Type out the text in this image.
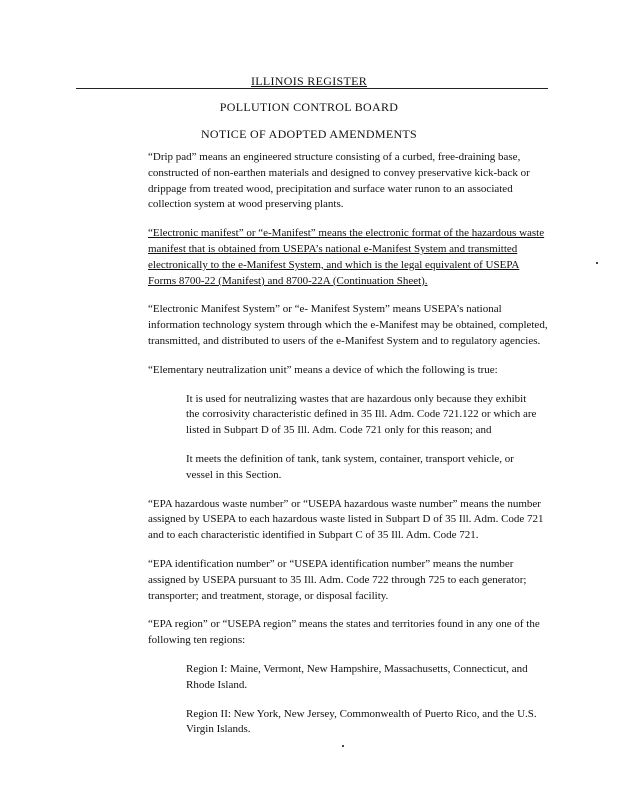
ILLINOIS REGISTER
POLLUTION CONTROL BOARD
NOTICE OF ADOPTED AMENDMENTS

“Drip pad” means an engineered structure consisting of a curbed, free-draining base, constructed of non-earthen materials and designed to convey preservative kick-back or drippage from treated wood, precipitation and surface water runon to an associated collection system at wood preserving plants.

“Electronic manifest” or “e-Manifest” means the electronic format of the hazardous waste manifest that is obtained from USEPA’s national e-Manifest System and transmitted electronically to the e-Manifest System, and which is the legal equivalent of USEPA Forms 8700-22 (Manifest) and 8700-22A (Continuation Sheet).

“Electronic Manifest System” or “e- Manifest System” means USEPA’s national information technology system through which the e-Manifest may be obtained, completed, transmitted, and distributed to users of the e-Manifest System and to regulatory agencies.

“Elementary neutralization unit” means a device of which the following is true:

It is used for neutralizing wastes that are hazardous only because they exhibit the corrosivity characteristic defined in 35 Ill. Adm. Code 721.122 or which are listed in Subpart D of 35 Ill. Adm. Code 721 only for this reason; and

It meets the definition of tank, tank system, container, transport vehicle, or vessel in this Section.

“EPA hazardous waste number” or “USEPA hazardous waste number” means the number assigned by USEPA to each hazardous waste listed in Subpart D of 35 Ill. Adm. Code 721 and to each characteristic identified in Subpart C of 35 Ill. Adm. Code 721.

“EPA identification number” or “USEPA identification number” means the number assigned by USEPA pursuant to 35 Ill. Adm. Code 722 through 725 to each generator; transporter; and treatment, storage, or disposal facility.

“EPA region” or “USEPA region” means the states and territories found in any one of the following ten regions:

Region I: Maine, Vermont, New Hampshire, Massachusetts, Connecticut, and Rhode Island.

Region II: New York, New Jersey, Commonwealth of Puerto Rico, and the U.S. Virgin Islands.
